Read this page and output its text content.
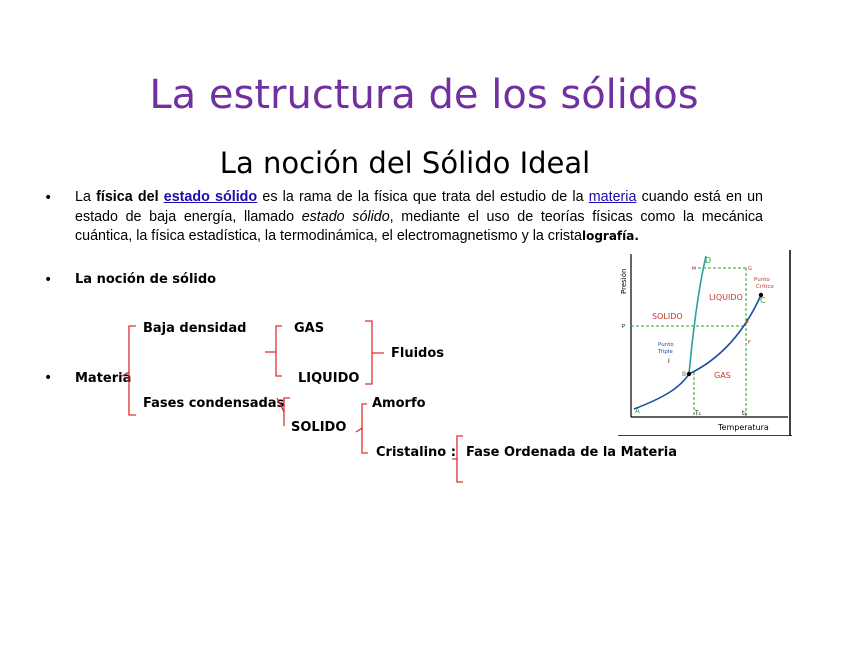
La estructura de los sólidos
La noción del Sólido Ideal
• La física del estado sólido es la rama de la física que trata del estudio de la materia cuando está en un estado de baja energía, llamado estado sólido, mediante el uso de teorías físicas como la mecánica cuántica, la física estadística, la termodinámica, el electromagnetismo y la cristalografía.
• La noción de sólido
• Materia
Baja densidad
Fases condensadas
GAS
LIQUIDO
Fluidos
SOLIDO
Amorfo
Cristalino : Fase Ordenada de la Materia
Presión
Temperatura
SOLIDO
LIQUIDO
GAS
Punto
Crítico
Punto
Triple
I
A
B
C
D
P
H	G
E
F
T₁	t₂
